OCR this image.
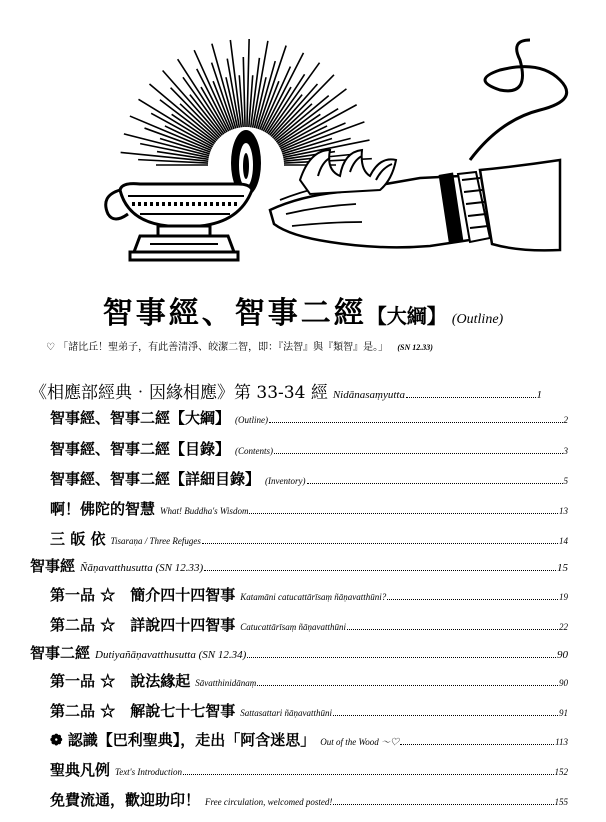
智事經、智事二經【大綱】 (Outline)
♡ 「諸比丘！聖弟子，有此善清淨、皎潔二智，即：『法智』與『類智』是。」 (SN 12.33)
《相應部經典‧因緣相應》第 33-34 經 Nidānasaṃyutta	1
智事經、智事二經【大綱】 (Outline)	2
智事經、智事二經【目錄】 (Contents)	3
智事經、智事二經【詳細目錄】 (Inventory)	5
啊！佛陀的智慧 What! Buddha's Wisdom	13
三 皈 依 Tisaraṇa / Three Refuges	14
智事經 Ñāṇavatthusutta (SN 12.33)	15
第一品 ☆　簡介四十四智事 Katamāni catucattārīsaṃ ñāṇavatthūni?	19
第二品 ☆　詳說四十四智事 Catucattārīsaṃ ñāṇavatthūni	22
智事二經 Dutiyañāṇavatthusutta (SN 12.34)	90
第一品 ☆　說法緣起 Sāvatthinidānaṃ	90
第二品 ☆　解說七十七智事 Sattasattari ñāṇavatthūni	91
❁ 認識【巴利聖典】，走出「阿含迷思」 Out of the Wood ～♡	113
聖典凡例 Text's Introduction	152
免費流通，歡迎助印！ Free circulation, welcomed posted!	155
